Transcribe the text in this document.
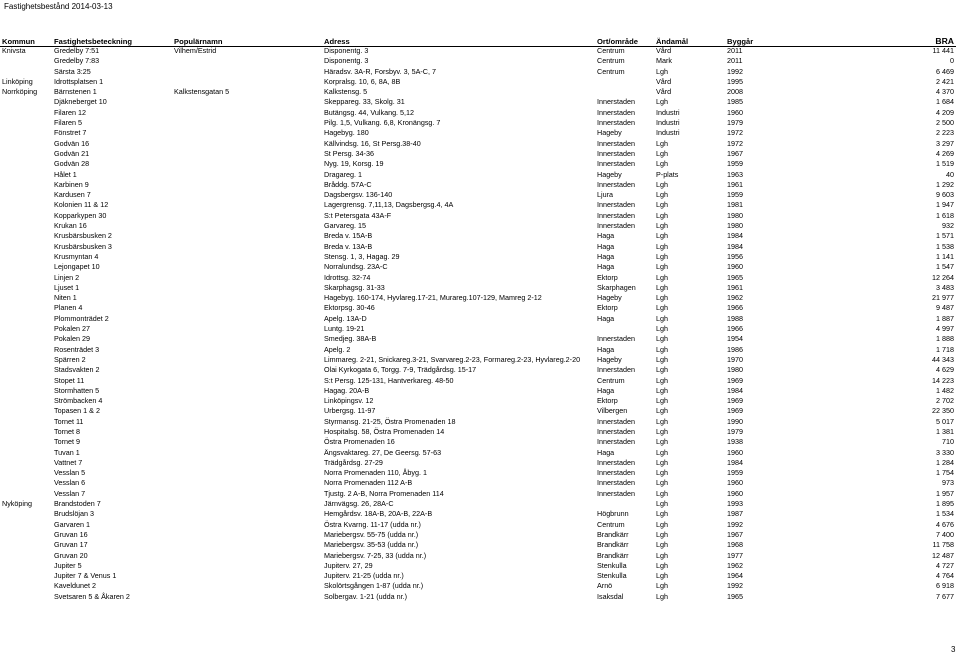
Fastighetsbestånd 2014-03-13
Kommun	Fastighetsbeteckning	Populärnamn	Adress	Ort/område	Ändamål	Byggår	BRA
Knivsta	Gredelby 7:51	Vilhem/Estrid	Disponentg. 3	Centrum	Vård	2011	11 441
	Gredelby 7:83		Disponentg. 3	Centrum	Mark	2011	0
	Särsta 3:25		Häradsv. 3A-R, Forsbyv. 3, 5A-C, 7	Centrum	Lgh	1992	6 469
Linköping	Idrottsplatsen 1		Korpralsg. 10, 6, 8A, 8B		Vård	1995	2 421
Norrköping	Bärnstenen 1	Kalkstensgatan 5	Kalkstensg. 5		Vård	2008	4 370
	Djäkneberget 10		Skeppareg. 33, Skolg. 31	Innerstaden	Lgh	1985	1 684
	Filaren 12		Butängsg. 44, Vulkang. 5,12	Innerstaden	Industri	1960	4 209
	Filaren 5		Pilg. 1,5, Vulkang. 6,8, Kronängsg. 7	Innerstaden	Industri	1979	2 500
	Fönstret 7		Hagebyg. 180	Hageby	Industri	1972	2 223
	Godvän 16		Källvindsg. 16, St Persg.38-40	Innerstaden	Lgh	1972	3 297
	Godvän 21		St Persg. 34-36	Innerstaden	Lgh	1967	4 269
	Godvän 28		Nyg. 19, Korsg. 19	Innerstaden	Lgh	1959	1 519
	Hålet 1		Dragareg. 1	Hageby	P-plats	1963	40
	Karbinen 9		Bråddg. 57A-C	Innerstaden	Lgh	1961	1 292
	Kardusen 7		Dagsbergsv. 136-140	Ljura	Lgh	1959	9 603
	Kolonien 11 & 12		Lagergrensg. 7,11,13, Dagsbergsg.4, 4A	Innerstaden	Lgh	1981	1 947
	Kopparkypen 30		S:t Petersgata 43A-F	Innerstaden	Lgh	1980	1 618
	Krukan 16		Garvareg. 15	Innerstaden	Lgh	1980	932
	Krusbärsbusken 2		Breda v. 15A-B	Haga	Lgh	1984	1 571
	Krusbärsbusken 3		Breda v. 13A-B	Haga	Lgh	1984	1 538
	Krusmyntan 4		Stensg. 1, 3, Hagag. 29	Haga	Lgh	1956	1 141
	Lejongapet 10		Norralundsg. 23A-C	Haga	Lgh	1960	1 547
	Linjen 2		Idrottsg. 32-74	Ektorp	Lgh	1965	12 264
	Ljuset 1		Skarphagsg. 31-33	Skarphagen	Lgh	1961	3 483
	Niten 1		Hagebyg. 160-174, Hyvlareg.17-21, Murareg.107-129, Mamreg 2-12	Hageby	Lgh	1962	21 977
	Planen 4		Ektorpsg. 30-46	Ektorp	Lgh	1966	9 487
	Plommonträdet 2		Apelg. 13A-D	Haga	Lgh	1988	1 887
	Pokalen 27		Luntg. 19-21		Lgh	1966	4 997
	Pokalen 29		Smedjeg. 38A-B	Innerstaden	Lgh	1954	1 888
	Rosenträdet 3		Apelg. 2	Haga	Lgh	1986	1 718
	Spärren 2		Limmareg. 2-21, Snickareg.3-21, Svarvareg.2-23, Formareg.2-23, Hyvlareg.2-20	Hageby	Lgh	1970	44 343
	Stadsvakten 2		Olai Kyrkogata 6, Torgg. 7-9, Trädgårdsg. 15-17	Innerstaden	Lgh	1980	4 629
	Stopet 11		S:t Persg. 125-131, Hantverkareg. 48-50	Centrum	Lgh	1969	14 223
	Stormhatten 5		Hagag. 20A-B	Haga	Lgh	1984	1 482
	Strömbacken 4		Linköpingsv. 12	Ektorp	Lgh	1969	2 702
	Topasen 1 & 2		Urbergsg. 11-97	Vilbergen	Lgh	1969	22 350
	Tornet 11		Styrmansg. 21-25, Östra Promenaden 18	Innerstaden	Lgh	1990	5 017
	Tornet 8		Hospitalsg. 58, Östra Promenaden 14	Innerstaden	Lgh	1979	1 381
	Tornet 9		Östra Promenaden 16	Innerstaden	Lgh	1938	710
	Tuvan 1		Ängsvaktareg. 27, De Geersg. 57-63	Haga	Lgh	1960	3 330
	Vattnet 7		Trädgårdsg. 27-29	Innerstaden	Lgh	1984	1 284
	Vesslan 5		Norra Promenaden 110, Åbyg. 1	Innerstaden	Lgh	1959	1 754
	Vesslan 6		Norra Promenaden 112 A-B	Innerstaden	Lgh	1960	973
	Vesslan 7		Tjustg. 2 A-B, Norra Promenaden 114	Innerstaden	Lgh	1960	1 957
Nyköping	Brandstoden 7		Järnvägsg. 26, 28A-C		Lgh	1993	1 895
	Brudslöjan 3		Hemgårdsv. 18A-B, 20A-B, 22A-B	Högbrunn	Lgh	1987	1 534
	Garvaren 1		Östra Kvarng. 11-17 (udda nr.)	Centrum	Lgh	1992	4 676
	Gruvan 16		Mariebergsv. 55-75 (udda nr.)	Brandkärr	Lgh	1967	7 400
	Gruvan 17		Mariebergsv. 35-53 (udda nr.)	Brandkärr	Lgh	1968	11 758
	Gruvan 20		Mariebergsv. 7-25, 33 (udda nr.)	Brandkärr	Lgh	1977	12 487
	Jupiter 5		Jupiterv. 27, 29	Stenkulla	Lgh	1962	4 727
	Jupiter 7 & Venus 1		Jupiterv. 21-25 (udda nr.)	Stenkulla	Lgh	1964	4 764
	Kaveldunet 2		Skolörtsgången 1-87 (udda nr.)	Arnö	Lgh	1992	6 918
	Svetsaren 5 & Åkaren 2		Solbergav. 1-21 (udda nr.)	Isaksdal	Lgh	1965	7 677
3
